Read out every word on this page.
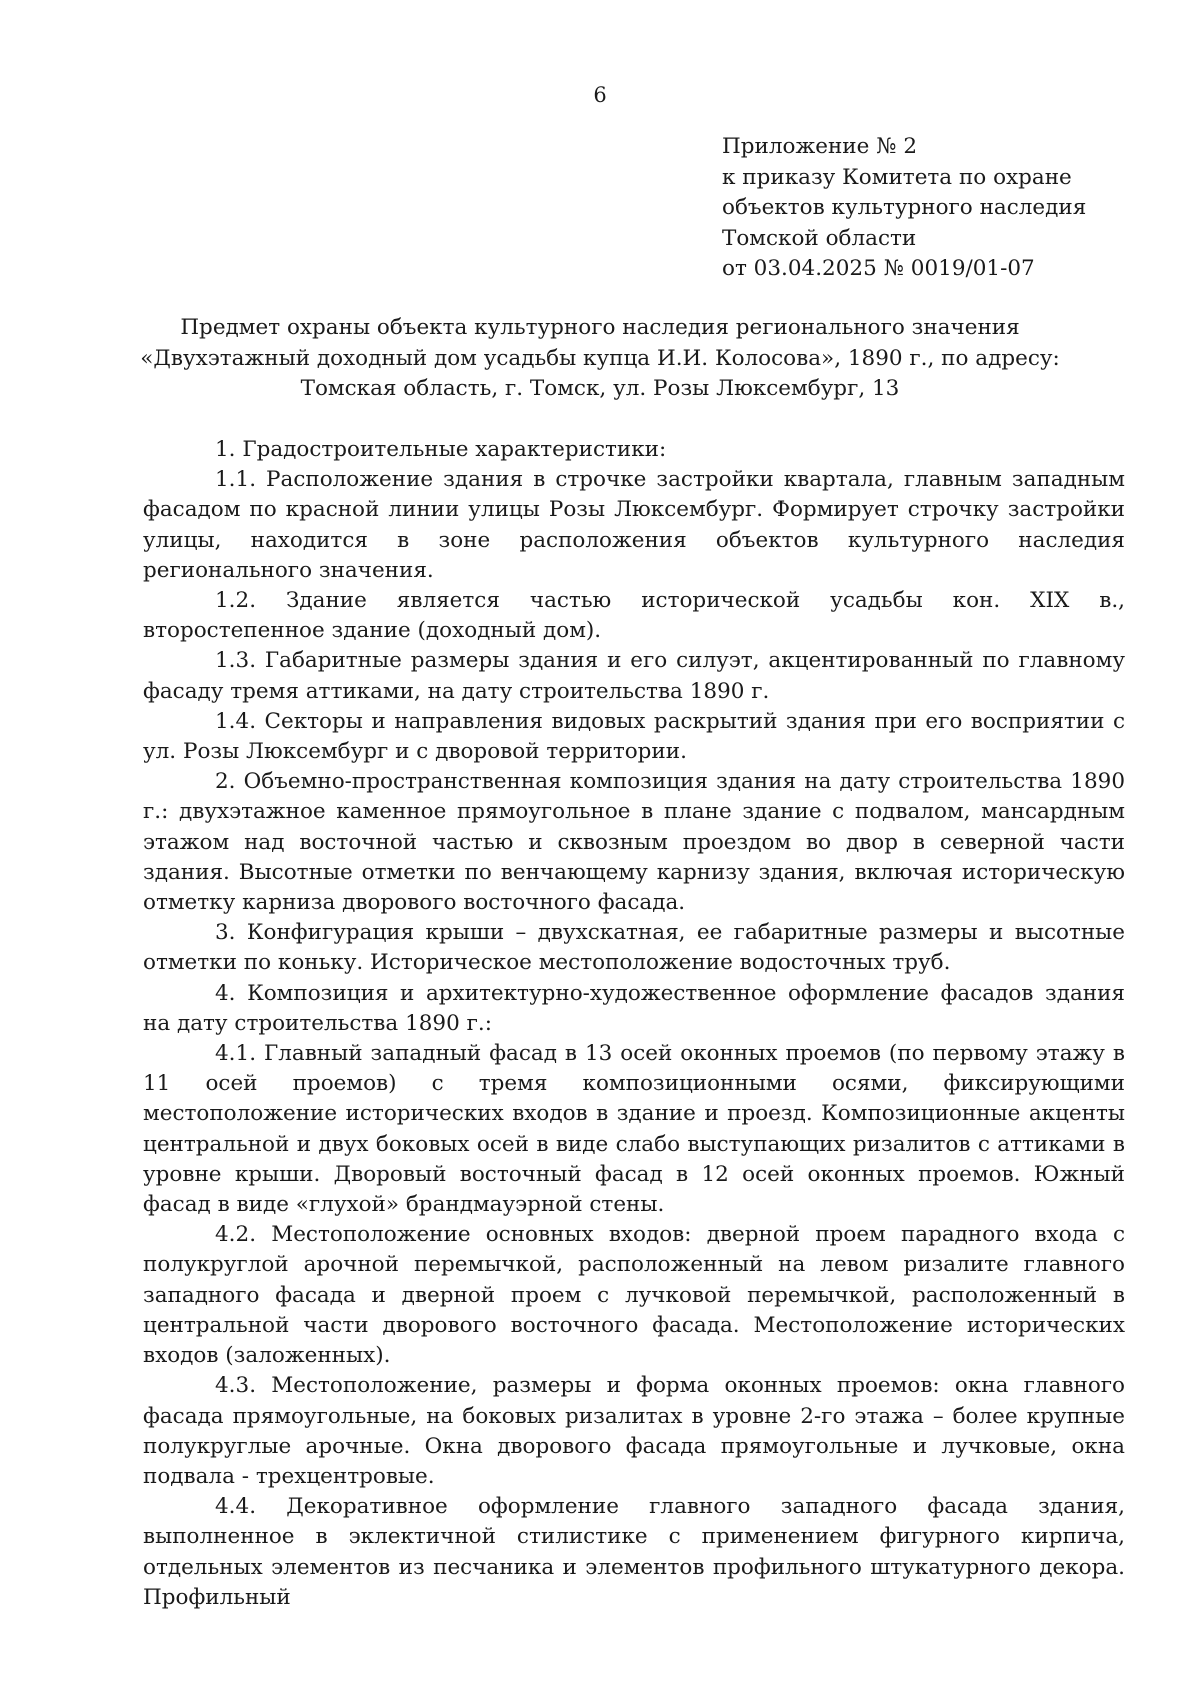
6
Приложение № 2
к приказу Комитета по охране
объектов культурного наследия
Томской области
от 03.04.2025 № 0019/01-07
Предмет охраны объекта культурного наследия регионального значения
«Двухэтажный доходный дом усадьбы купца И.И. Колосова», 1890 г., по адресу:
Томская область, г. Томск, ул. Розы Люксембург, 13

1. Градостроительные характеристики:

1.1. Расположение здания в строчке застройки квартала, главным западным фасадом по красной линии улицы Розы Люксембург. Формирует строчку застройки улицы, находится в зоне расположения объектов культурного наследия регионального значения.

1.2. Здание является частью исторической усадьбы кон. XIX в., второстепенное здание (доходный дом).

1.3. Габаритные размеры здания и его силуэт, акцентированный по главному фасаду тремя аттиками, на дату строительства 1890 г.

1.4. Секторы и направления видовых раскрытий здания при его восприятии с ул. Розы Люксембург и с дворовой территории.

2. Объемно-пространственная композиция здания на дату строительства 1890 г.: двухэтажное каменное прямоугольное в плане здание с подвалом, мансардным этажом над восточной частью и сквозным проездом во двор в северной части здания. Высотные отметки по венчающему карнизу здания, включая историческую отметку карниза дворового восточного фасада.

3. Конфигурация крыши – двухскатная, ее габаритные размеры и высотные отметки по коньку. Историческое местоположение водосточных труб.

4. Композиция и архитектурно-художественное оформление фасадов здания на дату строительства 1890 г.:

4.1. Главный западный фасад в 13 осей оконных проемов (по первому этажу в 11 осей проемов) с тремя композиционными осями, фиксирующими местоположение исторических входов в здание и проезд. Композиционные акценты центральной и двух боковых осей в виде слабо выступающих ризалитов с аттиками в уровне крыши. Дворовый восточный фасад в 12 осей оконных проемов. Южный фасад в виде «глухой» брандмауэрной стены.

4.2. Местоположение основных входов: дверной проем парадного входа с полукруглой арочной перемычкой, расположенный на левом ризалите главного западного фасада и дверной проем с лучковой перемычкой, расположенный в центральной части дворового восточного фасада. Местоположение исторических входов (заложенных).

4.3. Местоположение, размеры и форма оконных проемов: окна главного фасада прямоугольные, на боковых ризалитах в уровне 2-го этажа – более крупные полукруглые арочные. Окна дворового фасада прямоугольные и лучковые, окна подвала - трехцентровые.

4.4. Декоративное оформление главного западного фасада здания, выполненное в эклектичной стилистике с применением фигурного кирпича, отдельных элементов из песчаника и элементов профильного штукатурного декора. Профильный
